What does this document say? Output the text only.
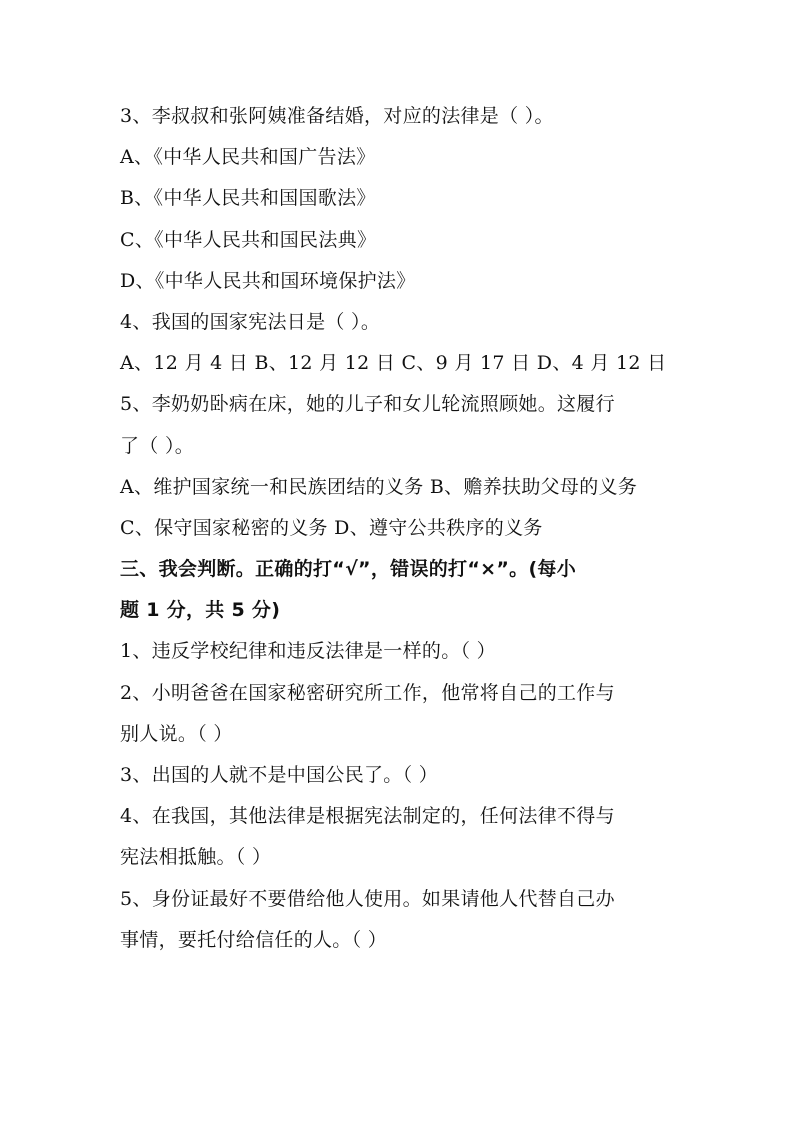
3、李叔叔和张阿姨准备结婚，对应的法律是（ ）。
A、《中华人民共和国广告法》
B、《中华人民共和国国歌法》
C、《中华人民共和国民法典》
D、《中华人民共和国环境保护法》
4、我国的国家宪法日是（ ）。
A、12 月 4 日 B、12 月 12 日 C、9 月 17 日 D、4 月 12 日
5、李奶奶卧病在床，她的儿子和女儿轮流照顾她。这履行
了（ ）。
A、维护国家统一和民族团结的义务 B、赡养扶助父母的义务
C、保守国家秘密的义务 D、遵守公共秩序的义务
三、我会判断。正确的打“√”，错误的打“×”。(每小
题 1 分，共 5 分)
1、违反学校纪律和违反法律是一样的。（ ）
2、小明爸爸在国家秘密研究所工作，他常将自己的工作与
别人说。（ ）
3、出国的人就不是中国公民了。（ ）
4、在我国，其他法律是根据宪法制定的，任何法律不得与
宪法相抵触。（ ）
5、身份证最好不要借给他人使用。如果请他人代替自己办
事情，要托付给信任的人。（ ）
